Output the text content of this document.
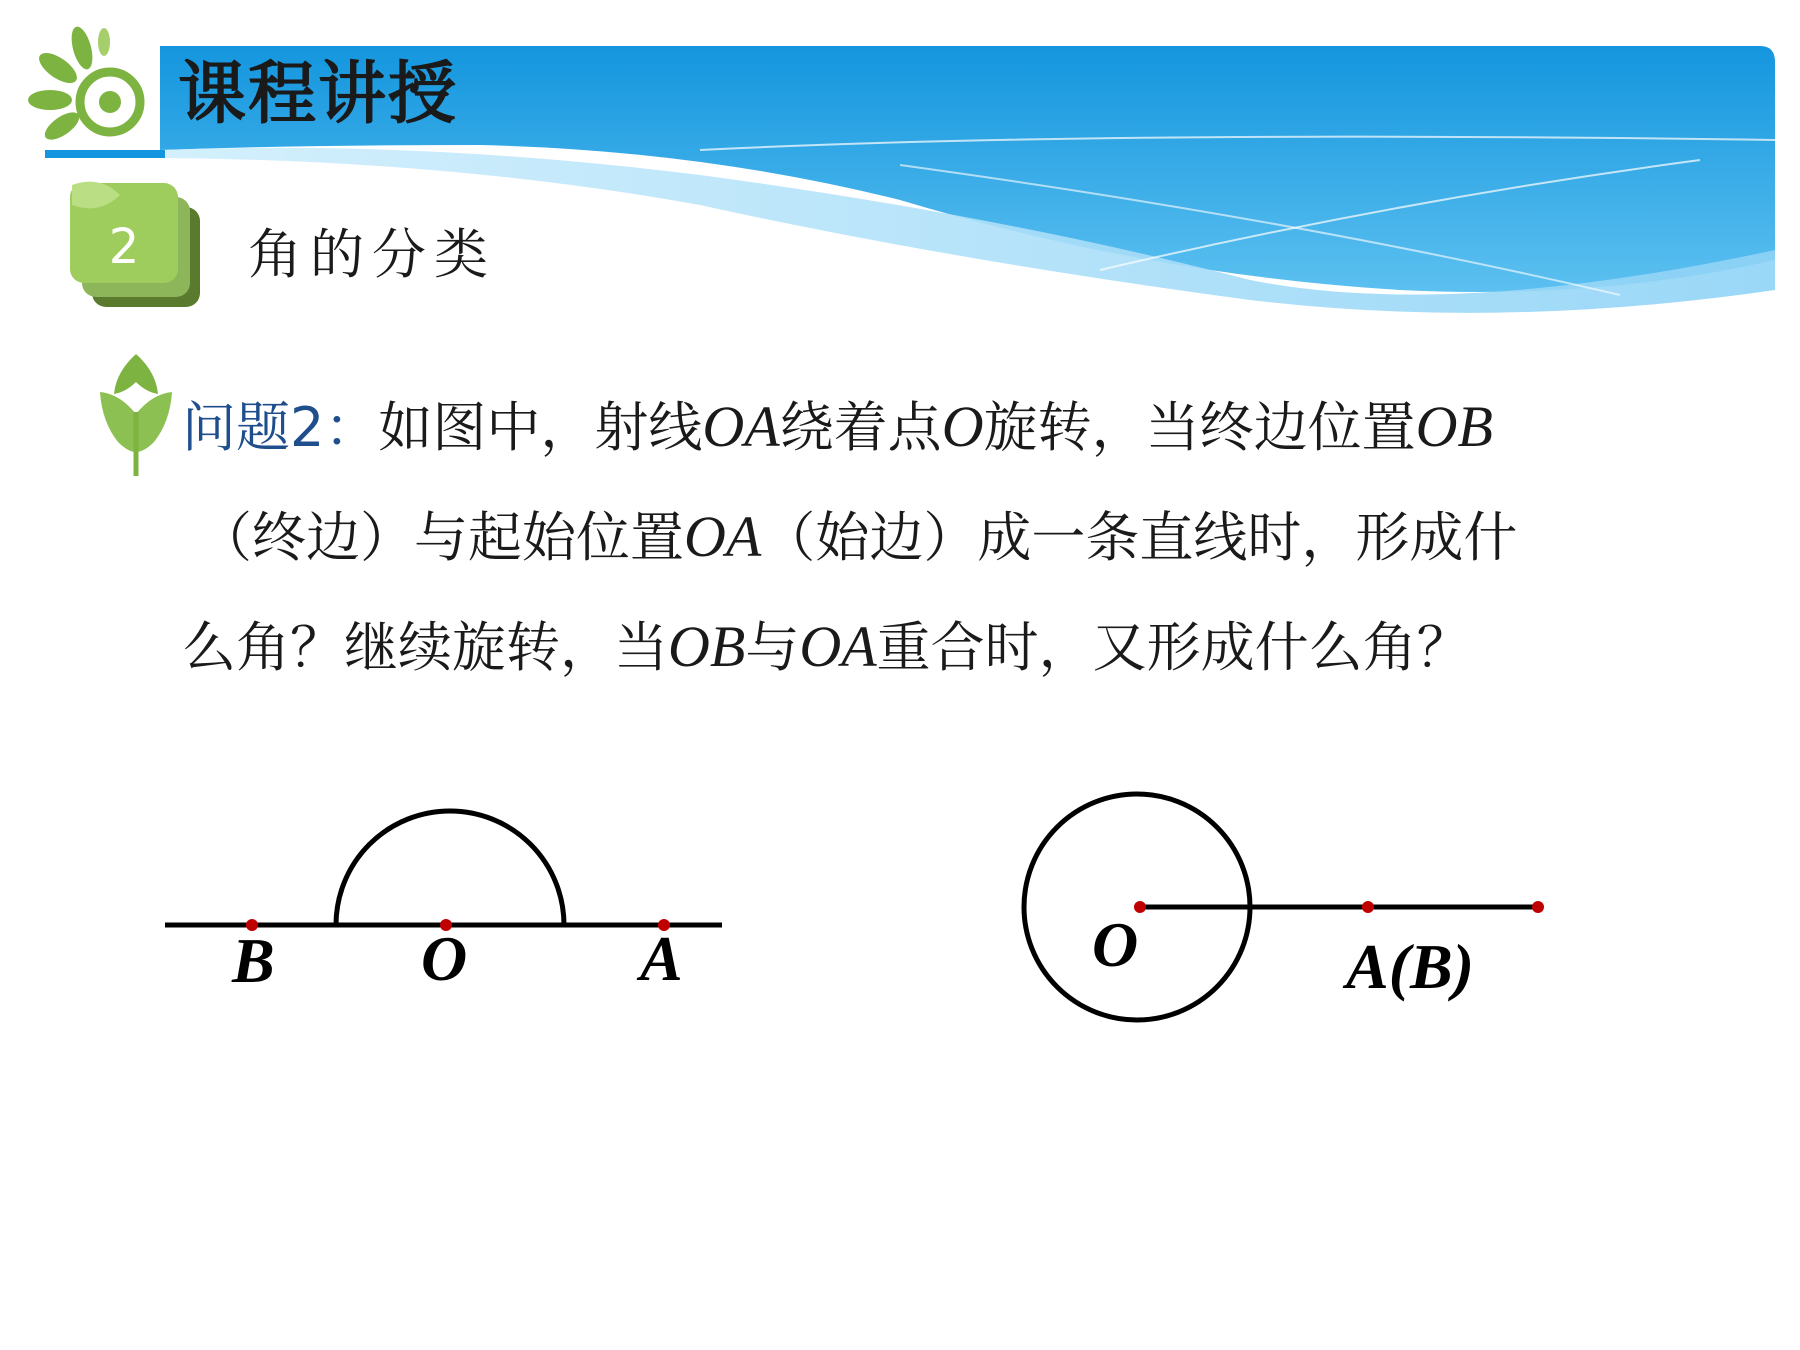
课程讲授
2 角的分类
问题2：如图中，射线OA绕着点O旋转，当终边位置OB
（终边）与起始位置OA（始边）成一条直线时，形成什
么角？继续旋转，当OB与OA重合时，又形成什么角？
B O	A	O	A(B)
